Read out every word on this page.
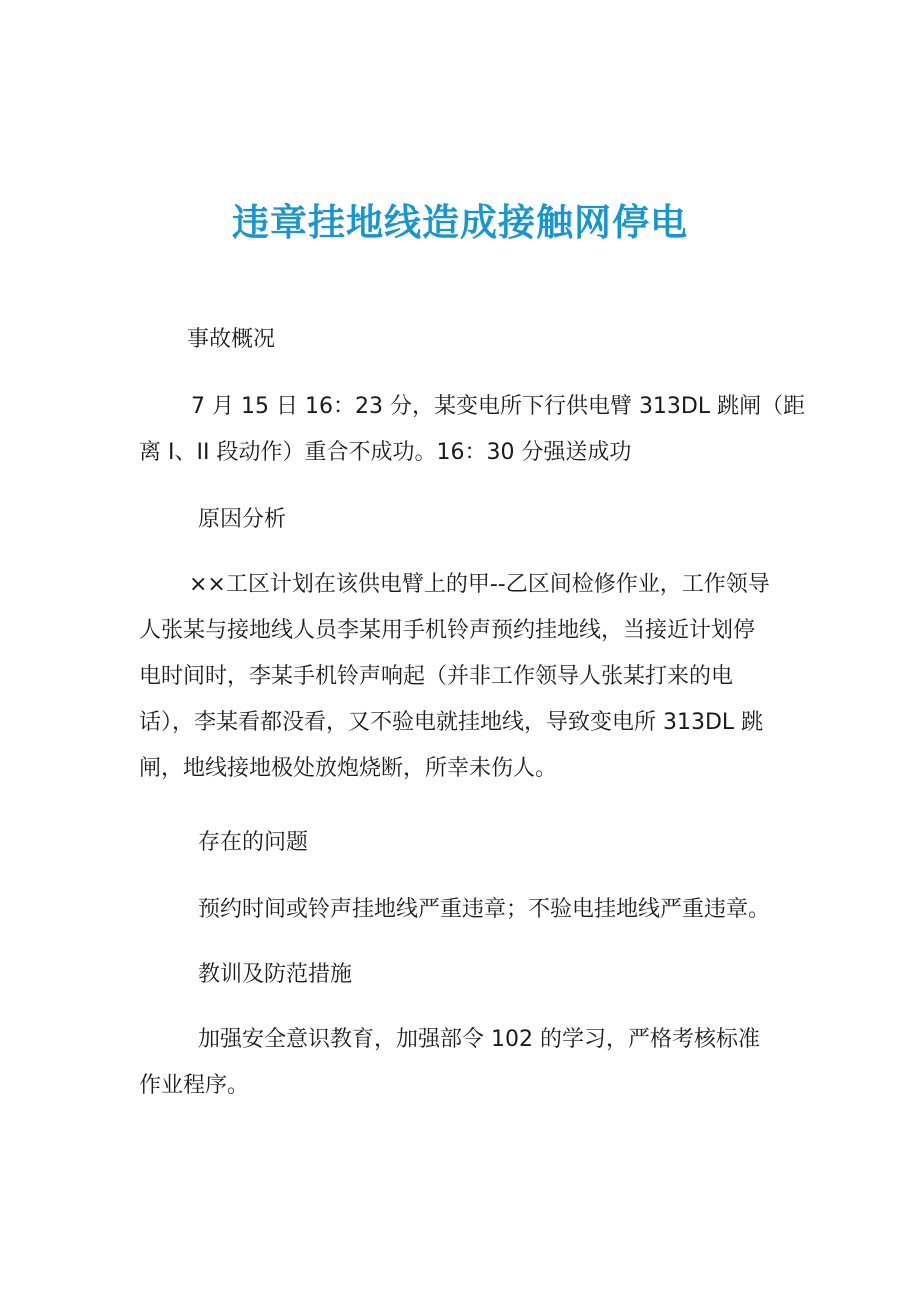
违章挂地线造成接触网停电
事故概况
7 月 15 日 16：23 分，某变电所下行供电臂 313DL 跳闸（距
离 I、II 段动作）重合不成功。16：30 分强送成功
原因分析
××工区计划在该供电臂上的甲--乙区间检修作业，工作领导
人张某与接地线人员李某用手机铃声预约挂地线，当接近计划停
电时间时，李某手机铃声响起（并非工作领导人张某打来的电
话），李某看都没看，又不验电就挂地线，导致变电所 313DL 跳
闸，地线接地极处放炮烧断，所幸未伤人。
存在的问题
预约时间或铃声挂地线严重违章；不验电挂地线严重违章。
教训及防范措施
加强安全意识教育，加强部令 102 的学习，严格考核标准
作业程序。
